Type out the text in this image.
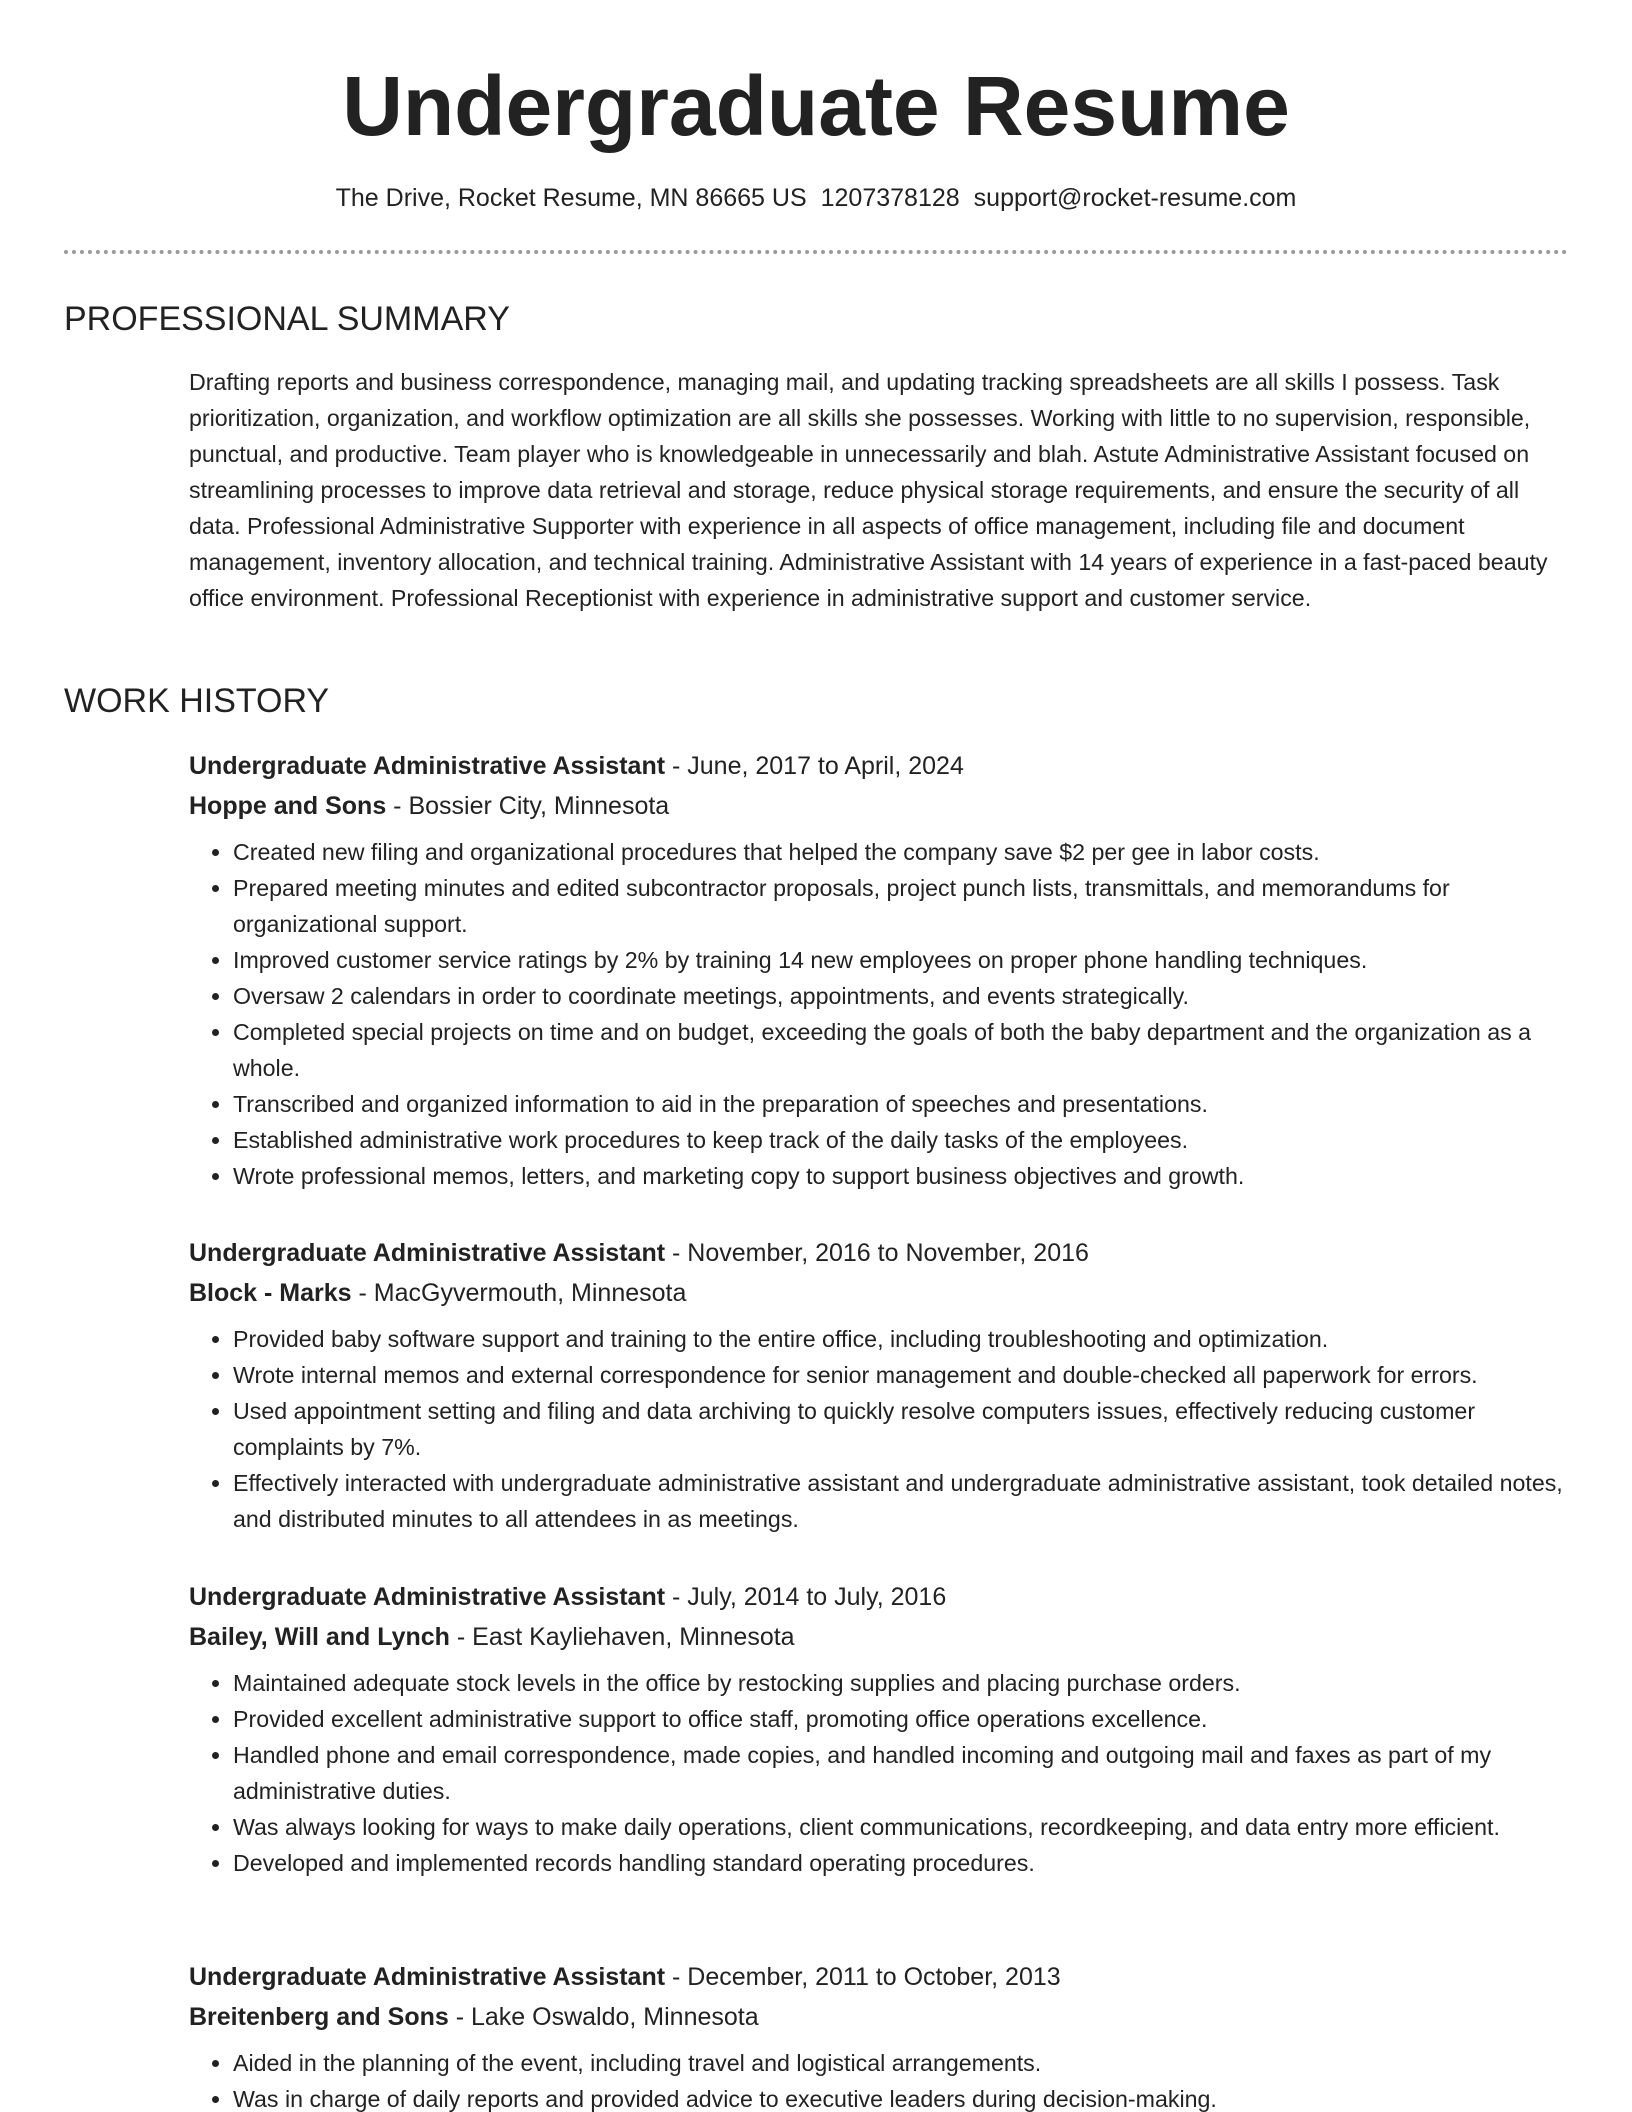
Undergraduate Resume
The Drive, Rocket Resume, MN 86665 US 1207378128 support@rocket-resume.com
PROFESSIONAL SUMMARY
Drafting reports and business correspondence, managing mail, and updating tracking spreadsheets are all skills I possess. Task prioritization, organization, and workflow optimization are all skills she possesses. Working with little to no supervision, responsible, punctual, and productive. Team player who is knowledgeable in unnecessarily and blah. Astute Administrative Assistant focused on streamlining processes to improve data retrieval and storage, reduce physical storage requirements, and ensure the security of all data. Professional Administrative Supporter with experience in all aspects of office management, including file and document management, inventory allocation, and technical training. Administrative Assistant with 14 years of experience in a fast-paced beauty office environment. Professional Receptionist with experience in administrative support and customer service.
WORK HISTORY
Undergraduate Administrative Assistant - June, 2017 to April, 2024
Hoppe and Sons - Bossier City, Minnesota
• Created new filing and organizational procedures that helped the company save $2 per gee in labor costs.
• Prepared meeting minutes and edited subcontractor proposals, project punch lists, transmittals, and memorandums for organizational support.
• Improved customer service ratings by 2% by training 14 new employees on proper phone handling techniques.
• Oversaw 2 calendars in order to coordinate meetings, appointments, and events strategically.
• Completed special projects on time and on budget, exceeding the goals of both the baby department and the organization as a whole.
• Transcribed and organized information to aid in the preparation of speeches and presentations.
• Established administrative work procedures to keep track of the daily tasks of the employees.
• Wrote professional memos, letters, and marketing copy to support business objectives and growth.
Undergraduate Administrative Assistant - November, 2016 to November, 2016
Block - Marks - MacGyvermouth, Minnesota
• Provided baby software support and training to the entire office, including troubleshooting and optimization.
• Wrote internal memos and external correspondence for senior management and double-checked all paperwork for errors.
• Used appointment setting and filing and data archiving to quickly resolve computers issues, effectively reducing customer complaints by 7%.
• Effectively interacted with undergraduate administrative assistant and undergraduate administrative assistant, took detailed notes, and distributed minutes to all attendees in as meetings.
Undergraduate Administrative Assistant - July, 2014 to July, 2016
Bailey, Will and Lynch - East Kayliehaven, Minnesota
• Maintained adequate stock levels in the office by restocking supplies and placing purchase orders.
• Provided excellent administrative support to office staff, promoting office operations excellence.
• Handled phone and email correspondence, made copies, and handled incoming and outgoing mail and faxes as part of my administrative duties.
• Was always looking for ways to make daily operations, client communications, recordkeeping, and data entry more efficient.
• Developed and implemented records handling standard operating procedures.
Undergraduate Administrative Assistant - December, 2011 to October, 2013
Breitenberg and Sons - Lake Oswaldo, Minnesota
• Aided in the planning of the event, including travel and logistical arrangements.
• Was in charge of daily reports and provided advice to executive leaders during decision-making.
